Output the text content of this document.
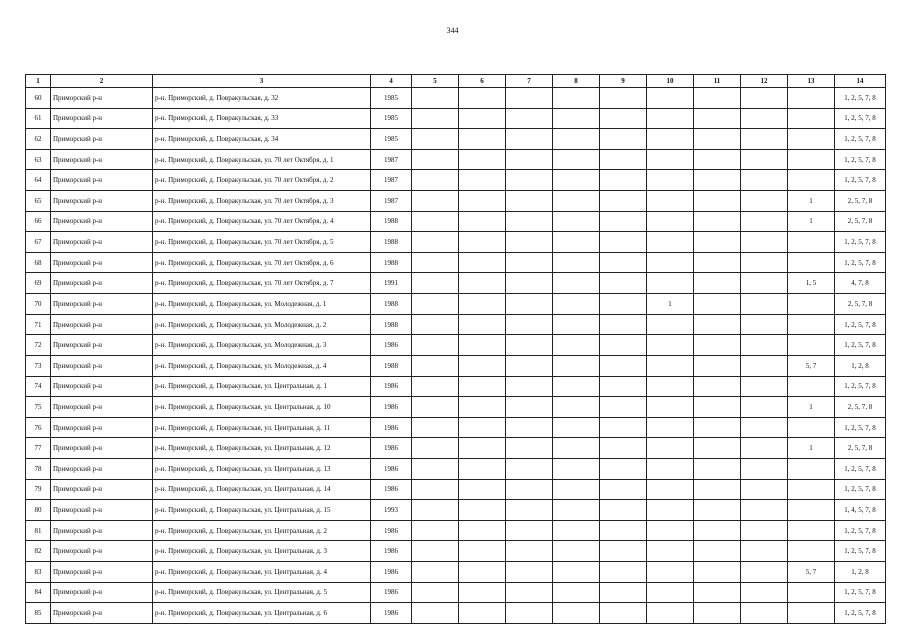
344
1	2	3	4	5	6	7	8	9	10	11	12	13	14
60	Приморский р-н	р-н. Приморский, д. Повракульская, д. 32	1985										1, 2, 5, 7, 8
61	Приморский р-н	р-н. Приморский, д. Повракульская, д. 33	1985										1, 2, 5, 7, 8
62	Приморский р-н	р-н. Приморский, д. Повракульская, д. 34	1985										1, 2, 5, 7, 8
63	Приморский р-н	р-н. Приморский, д. Повракульская, ул. 70 лет Октября, д. 1	1987										1, 2, 5, 7, 8
64	Приморский р-н	р-н. Приморский, д. Повракульская, ул. 70 лет Октября, д. 2	1987										1, 2, 5, 7, 8
65	Приморский р-н	р-н. Приморский, д. Повракульская, ул. 70 лет Октября, д. 3	1987									1	2, 5, 7, 8
66	Приморский р-н	р-н. Приморский, д. Повракульская, ул. 70 лет Октября, д. 4	1988									1	2, 5, 7, 8
67	Приморский р-н	р-н. Приморский, д. Повракульская, ул. 70 лет Октября, д. 5	1988										1, 2, 5, 7, 8
68	Приморский р-н	р-н. Приморский, д. Повракульская, ул. 70 лет Октября, д. 6	1988										1, 2, 5, 7, 8
69	Приморский р-н	р-н. Приморский, д. Повракульская, ул. 70 лет Октября, д. 7	1991									1, 5	4, 7, 8
70	Приморский р-н	р-н. Приморский, д. Повракульская, ул. Молодежная, д. 1	1988						1				2, 5, 7, 8
71	Приморский р-н	р-н. Приморский, д. Повракульская, ул. Молодежная, д. 2	1988										1, 2, 5, 7, 8
72	Приморский р-н	р-н. Приморский, д. Повракульская, ул. Молодежная, д. 3	1986										1, 2, 5, 7, 8
73	Приморский р-н	р-н. Приморский, д. Повракульская, ул. Молодежная, д. 4	1988									5, 7	1, 2, 8
74	Приморский р-н	р-н. Приморский, д. Повракульская, ул. Центральная, д. 1	1986										1, 2, 5, 7, 8
75	Приморский р-н	р-н. Приморский, д. Повракульская, ул. Центральная, д. 10	1986									1	2, 5, 7, 8
76	Приморский р-н	р-н. Приморский, д. Повракульская, ул. Центральная, д. 11	1986										1, 2, 5, 7, 8
77	Приморский р-н	р-н. Приморский, д. Повракульская, ул. Центральная, д. 12	1986									1	2, 5, 7, 8
78	Приморский р-н	р-н. Приморский, д. Повракульская, ул. Центральная, д. 13	1986										1, 2, 5, 7, 8
79	Приморский р-н	р-н. Приморский, д. Повракульская, ул. Центральная, д. 14	1986										1, 2, 5, 7, 8
80	Приморский р-н	р-н. Приморский, д. Повракульская, ул. Центральная, д. 15	1993										1, 4, 5, 7, 8
81	Приморский р-н	р-н. Приморский, д. Повракульская, ул. Центральная, д. 2	1986										1, 2, 5, 7, 8
82	Приморский р-н	р-н. Приморский, д. Повракульская, ул. Центральная, д. 3	1986										1, 2, 5, 7, 8
83	Приморский р-н	р-н. Приморский, д. Повракульская, ул. Центральная, д. 4	1986									5, 7	1, 2, 8
84	Приморский р-н	р-н. Приморский, д. Повракульская, ул. Центральная, д. 5	1986										1, 2, 5, 7, 8
85	Приморский р-н	р-н. Приморский, д. Повракульская, ул. Центральная, д. 6	1986										1, 2, 5, 7, 8
